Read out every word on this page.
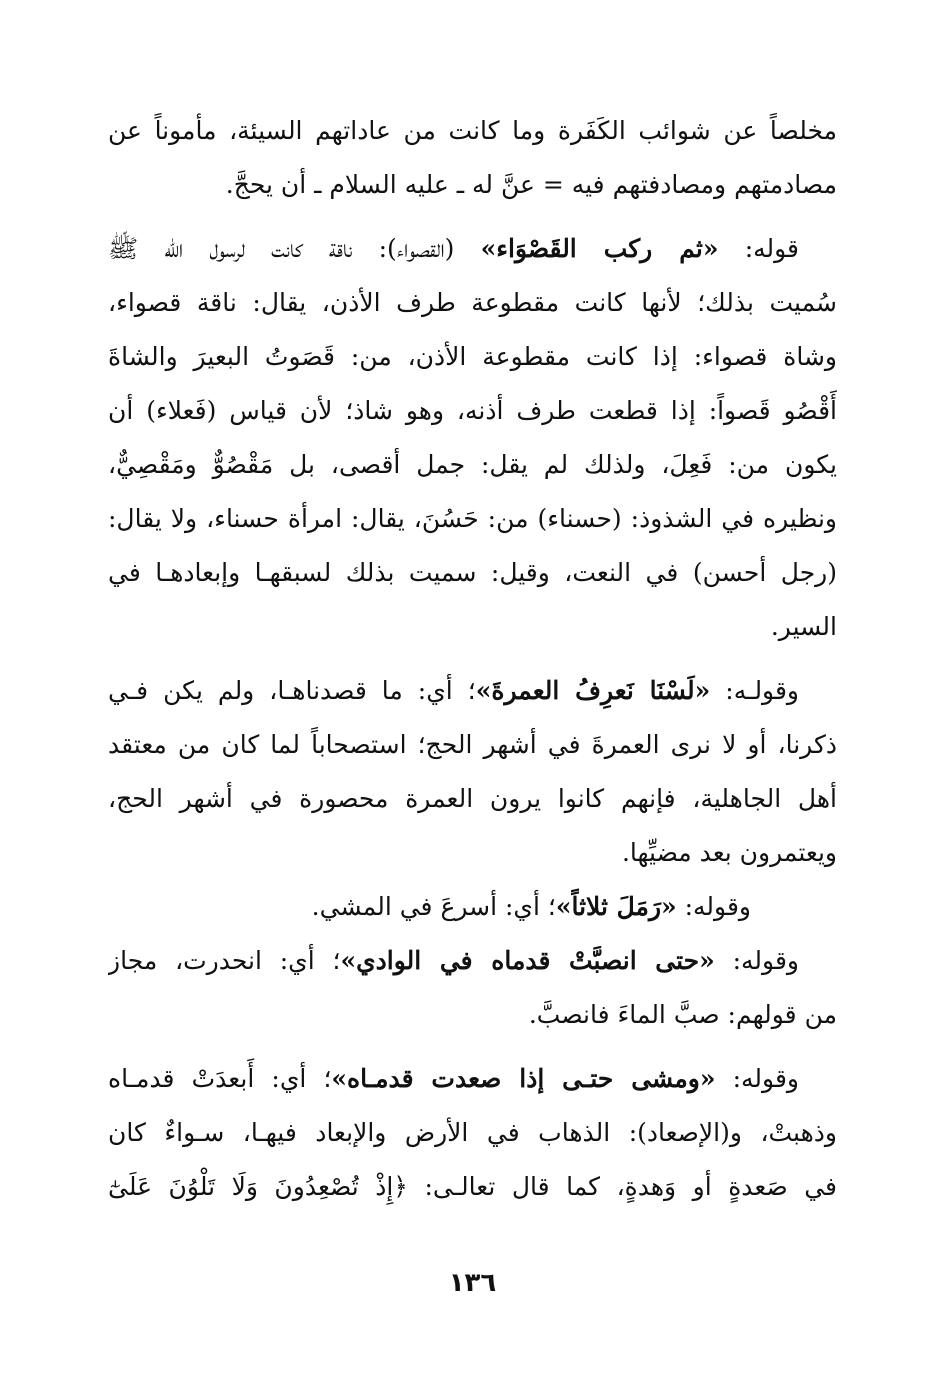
مخلصاً عن شوائب الكَفَرة وما كانت من عاداتهم السيئة، مأموناً عن
مصادمتهم ومصادفتهم فيه = عنَّ له ـ عليه السلام ـ أن يحجَّ.

قوله: «ثم ركب القَصْوَاء» (القصواء): ناقة كانت لرسول الله ﷺ
سُميت بذلك؛ لأنها كانت مقطوعة طرف الأذن، يقال: ناقة قصواء،
وشاة قصواء: إذا كانت مقطوعة الأذن، من: قَصَوتُ البعيرَ والشاةَ
أَقْصُو قَصواً: إذا قطعت طرف أذنه، وهو شاذ؛ لأن قياس (فَعلاء) أن
يكون من: فَعِلَ، ولذلك لم يقل: جمل أقصى، بل مَقْصُوٌّ ومَقْصِيٌّ،
ونظيره في الشذوذ: (حسناء) من: حَسُنَ، يقال: امرأة حسناء، ولا يقال:
(رجل أحسن) في النعت، وقيل: سميت بذلك لسبقهـا وإبعادهـا في
السير.

وقولـه: «لَسْنَا نَعرِفُ العمرةَ»؛ أي: ما قصدناهـا، ولم يكن فـي
ذكرنا، أو لا نرى العمرةَ في أشهر الحج؛ استصحاباً لما كان من معتقد
أهل الجاهلية، فإنهم كانوا يرون العمرة محصورة في أشهر الحج،
ويعتمرون بعد مضيِّها.

وقوله: «رَمَلَ ثلاثاً»؛ أي: أسرعَ في المشي.

وقوله: «حتى انصبَّتْ قدماه في الوادي»؛ أي: انحدرت، مجاز
من قولهم: صبَّ الماءَ فانصبَّ.

وقوله: «ومشى حتـى إذا صعدت قدمـاه»؛ أي: أَبعدَتْ قدمـاه
وذهبتْ، و(الإصعاد): الذهاب في الأرض والإبعاد فيهـا، سـواءٌ كان
في صَعدةٍ أو وَهدةٍ، كما قال تعالـى: ﴿إِذْ تُصْعِدُونَ وَلَا تَلْوُنَ عَلَىٰٓ

١٣٦
